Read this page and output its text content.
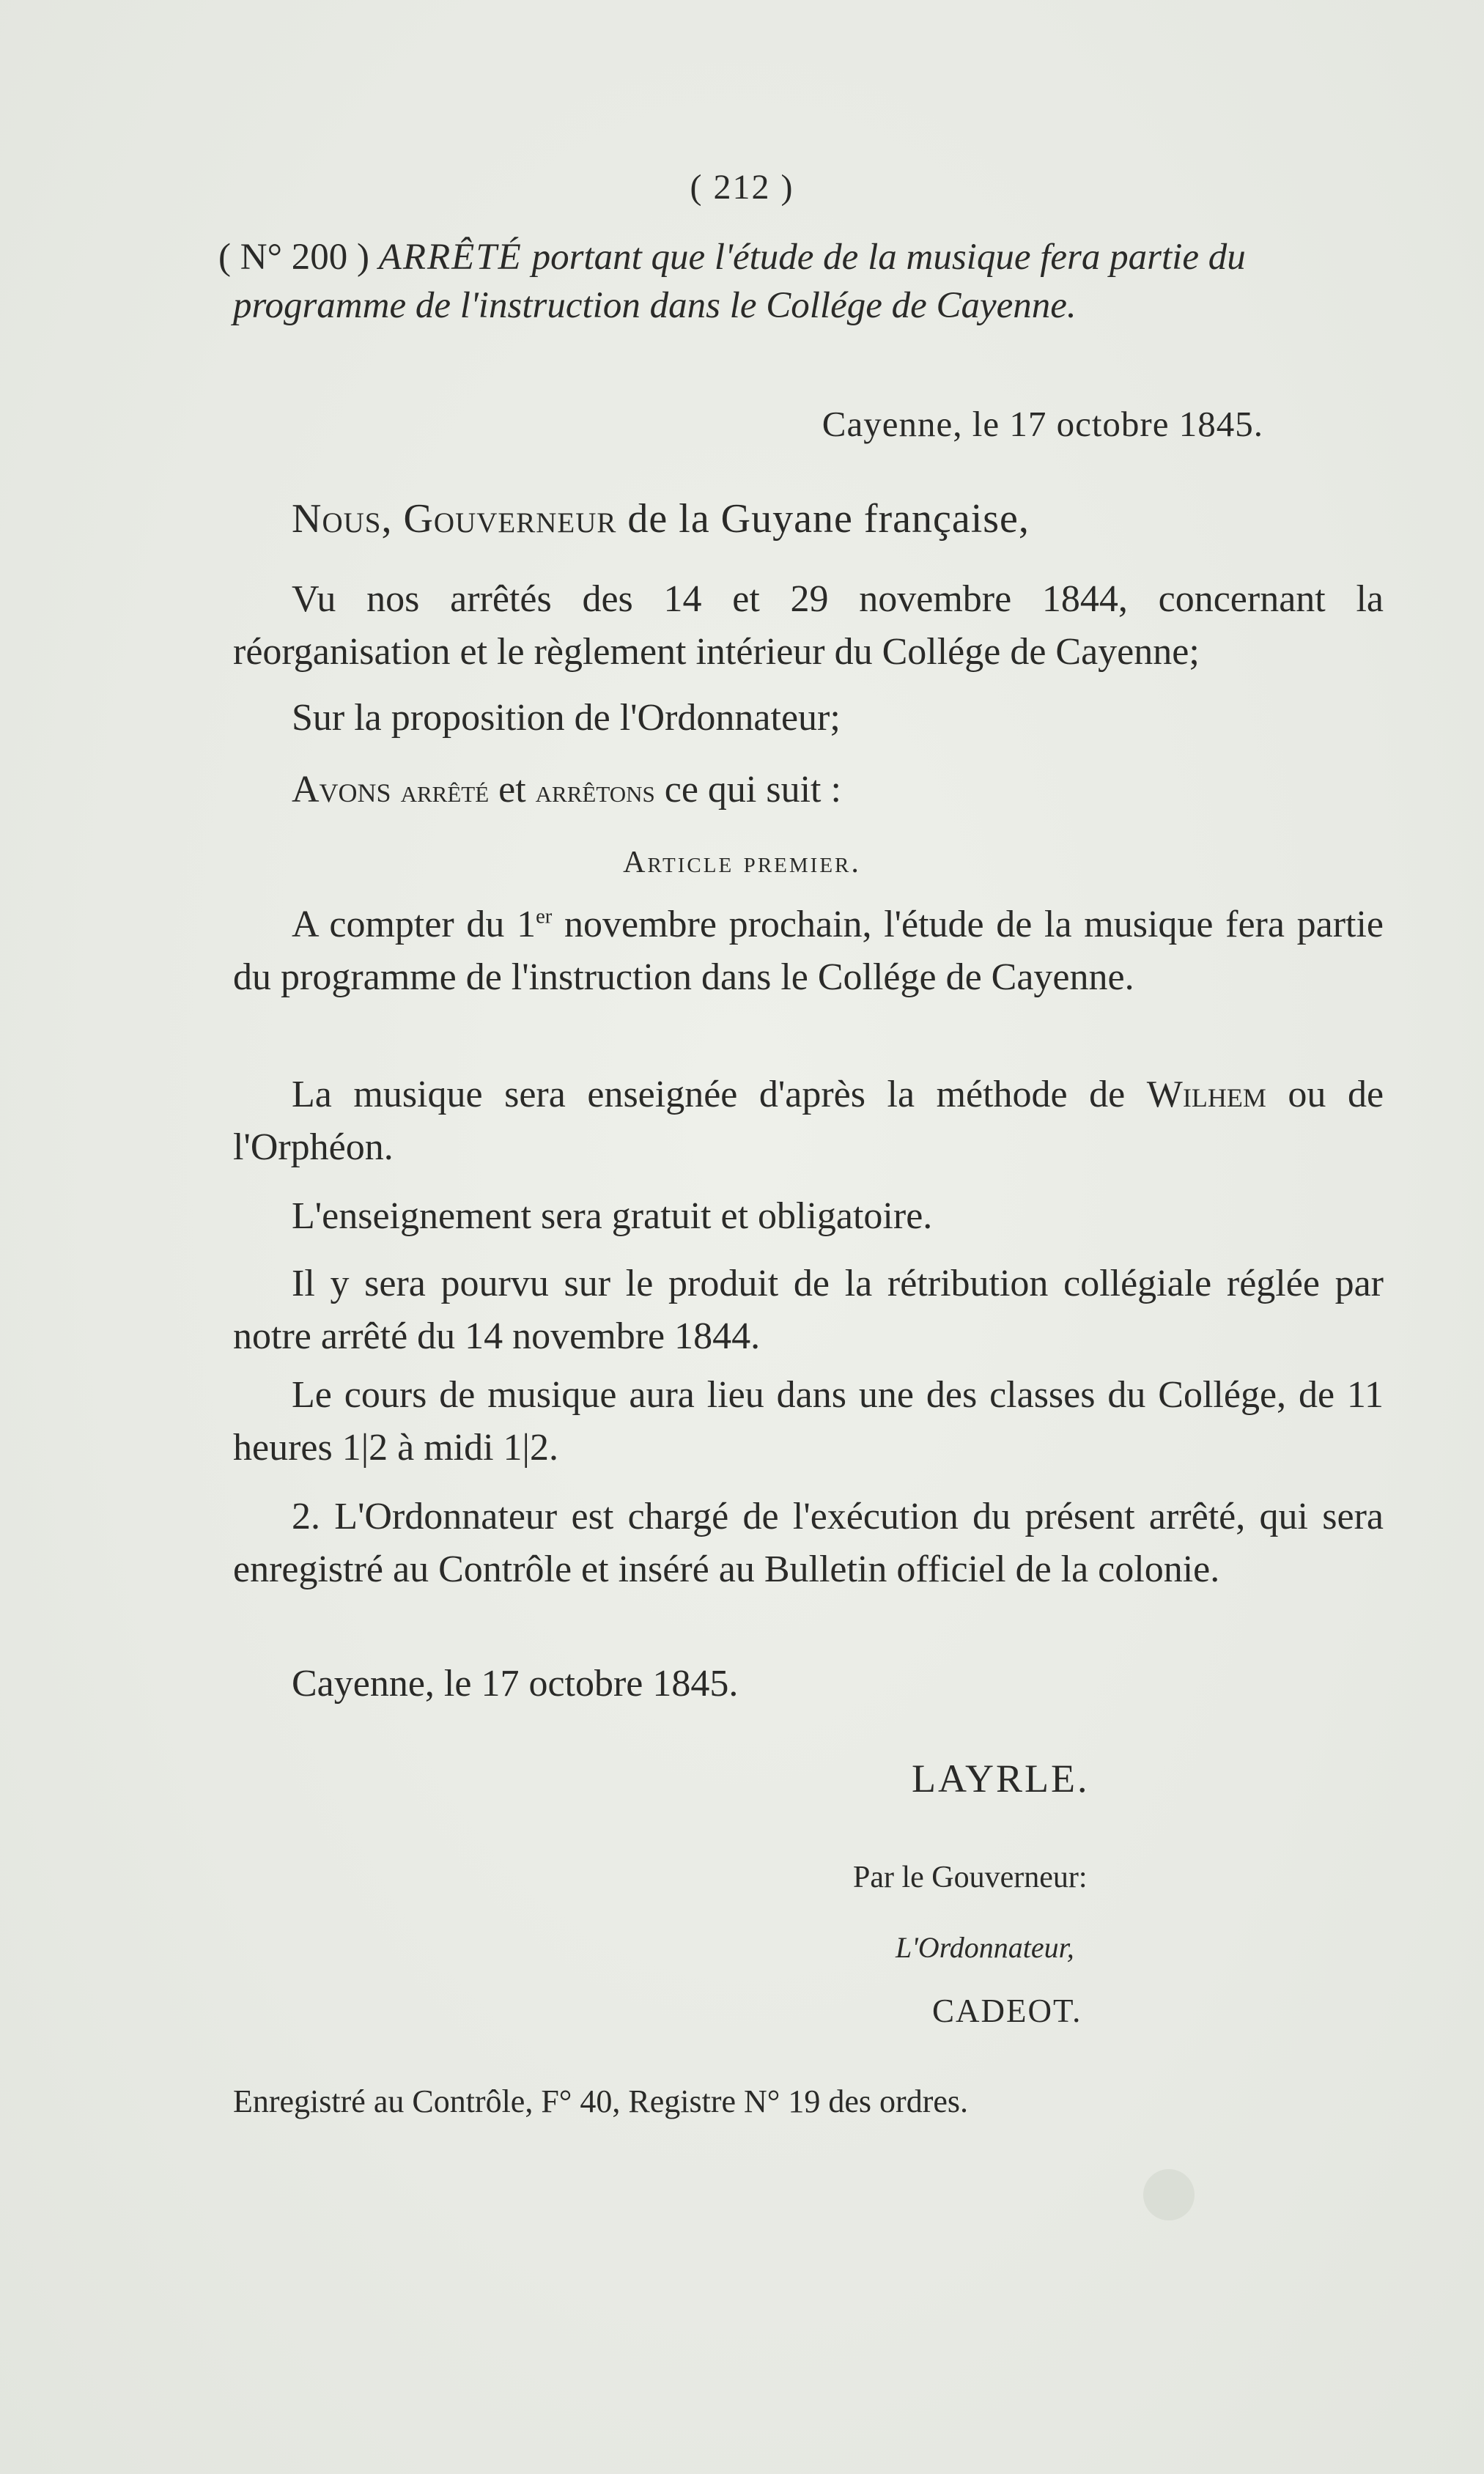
( 212 )
( N° 200 ) ARRÊTÉ portant que l'étude de la musique fera partie du programme de l'instruction dans le Collége de Cayenne.
Cayenne, le 17 octobre 1845.
Nous, Gouverneur de la Guyane française,
Vu nos arrêtés des 14 et 29 novembre 1844, concernant la réorganisation et le règlement intérieur du Collége de Cayenne;
Sur la proposition de l'Ordonnateur;
Avons arrêté et arrêtons ce qui suit :
Article premier.
A compter du 1er novembre prochain, l'étude de la musique fera partie du programme de l'instruction dans le Collége de Cayenne.
La musique sera enseignée d'après la méthode de Wilhem ou de l'Orphéon.
L'enseignement sera gratuit et obligatoire.
Il y sera pourvu sur le produit de la rétribution collégiale réglée par notre arrêté du 14 novembre 1844.
Le cours de musique aura lieu dans une des classes du Collége, de 11 heures 1|2 à midi 1|2.
2. L'Ordonnateur est chargé de l'exécution du présent arrêté, qui sera enregistré au Contrôle et inséré au Bulletin officiel de la colonie.
Cayenne, le 17 octobre 1845.
LAYRLE.
Par le Gouverneur:
L'Ordonnateur,
CADEOT.
Enregistré au Contrôle, F° 40, Registre N° 19 des ordres.
